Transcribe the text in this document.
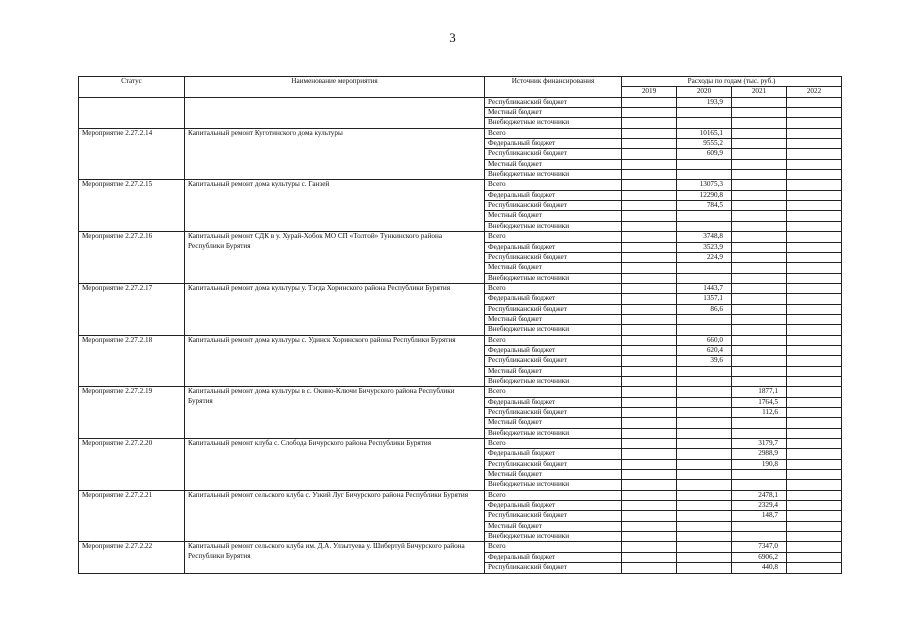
3
Статус	Наименование мероприятия	Источник финансирования	Расходы по годам (тыс. руб.)			
			2019	2020	2021	2022
		Республиканский бюджет		193,9		
		Местный бюджет				
		Внебюджетные источники				
Мероприятие 2.27.2.14	Капитальный ремонт Куготинского дома культуры	Всего		10165,1		
		Федеральный бюджет		9555,2		
		Республиканский бюджет		609,9		
		Местный бюджет				
		Внебюджетные источники				
Мероприятие 2.27.2.15	Капитальный ремонт дома культуры с. Ганзей	Всего		13075,3		
		Федеральный бюджет		12290,8		
		Республиканский бюджет		784,5		
		Местный бюджет				
		Внебюджетные источники				
Мероприятие 2.27.2.16	Капитальный ремонт СДК в у. Хурай-Хобок МО СП «Толтой» Тункинского района Республики Бурятия	Всего		3748,8		
		Федеральный бюджет		3523,9		
		Республиканский бюджет		224,9		
		Местный бюджет				
		Внебюджетные источники				
Мероприятие 2.27.2.17	Капитальный ремонт дома культуры у. Тэгда Хоринского района Республики Бурятия	Всего		1443,7		
		Федеральный бюджет		1357,1		
		Республиканский бюджет		86,6		
		Местный бюджет				
		Внебюджетные источники				
Мероприятие 2.27.2.18	Капитальный ремонт дома культуры с. Удинск Хоринского района Республики Бурятия	Всего		660,0		
		Федеральный бюджет		620,4		
		Республиканский бюджет		39,6		
		Местный бюджет				
		Внебюджетные источники				
Мероприятие 2.27.2.19	Капитальный ремонт дома культуры в с. Окино-Ключи Бичурского района Республики Бурятия	Всего			1877,1	
		Федеральный бюджет			1764,5	
		Республиканский бюджет			112,6	
		Местный бюджет				
		Внебюджетные источники				
Мероприятие 2.27.2.20	Капитальный ремонт клуба с. Слобода Бичурского района Республики Бурятия	Всего			3179,7	
		Федеральный бюджет			2988,9	
		Республиканский бюджет			190,8	
		Местный бюджет				
		Внебюджетные источники				
Мероприятие 2.27.2.21	Капитальный ремонт сельского клуба с. Узкий Луг Бичурского района Республики Бурятия	Всего			2478,1	
		Федеральный бюджет			2329,4	
		Республиканский бюджет			148,7	
		Местный бюджет				
		Внебюджетные источники				
Мероприятие 2.27.2.22	Капитальный ремонт сельского клуба им. Д.А. Улзытуева у. Шибертуй Бичурского района Республики Бурятия	Всего			7347,0	
		Федеральный бюджет			6906,2	
		Республиканский бюджет			440,8	
